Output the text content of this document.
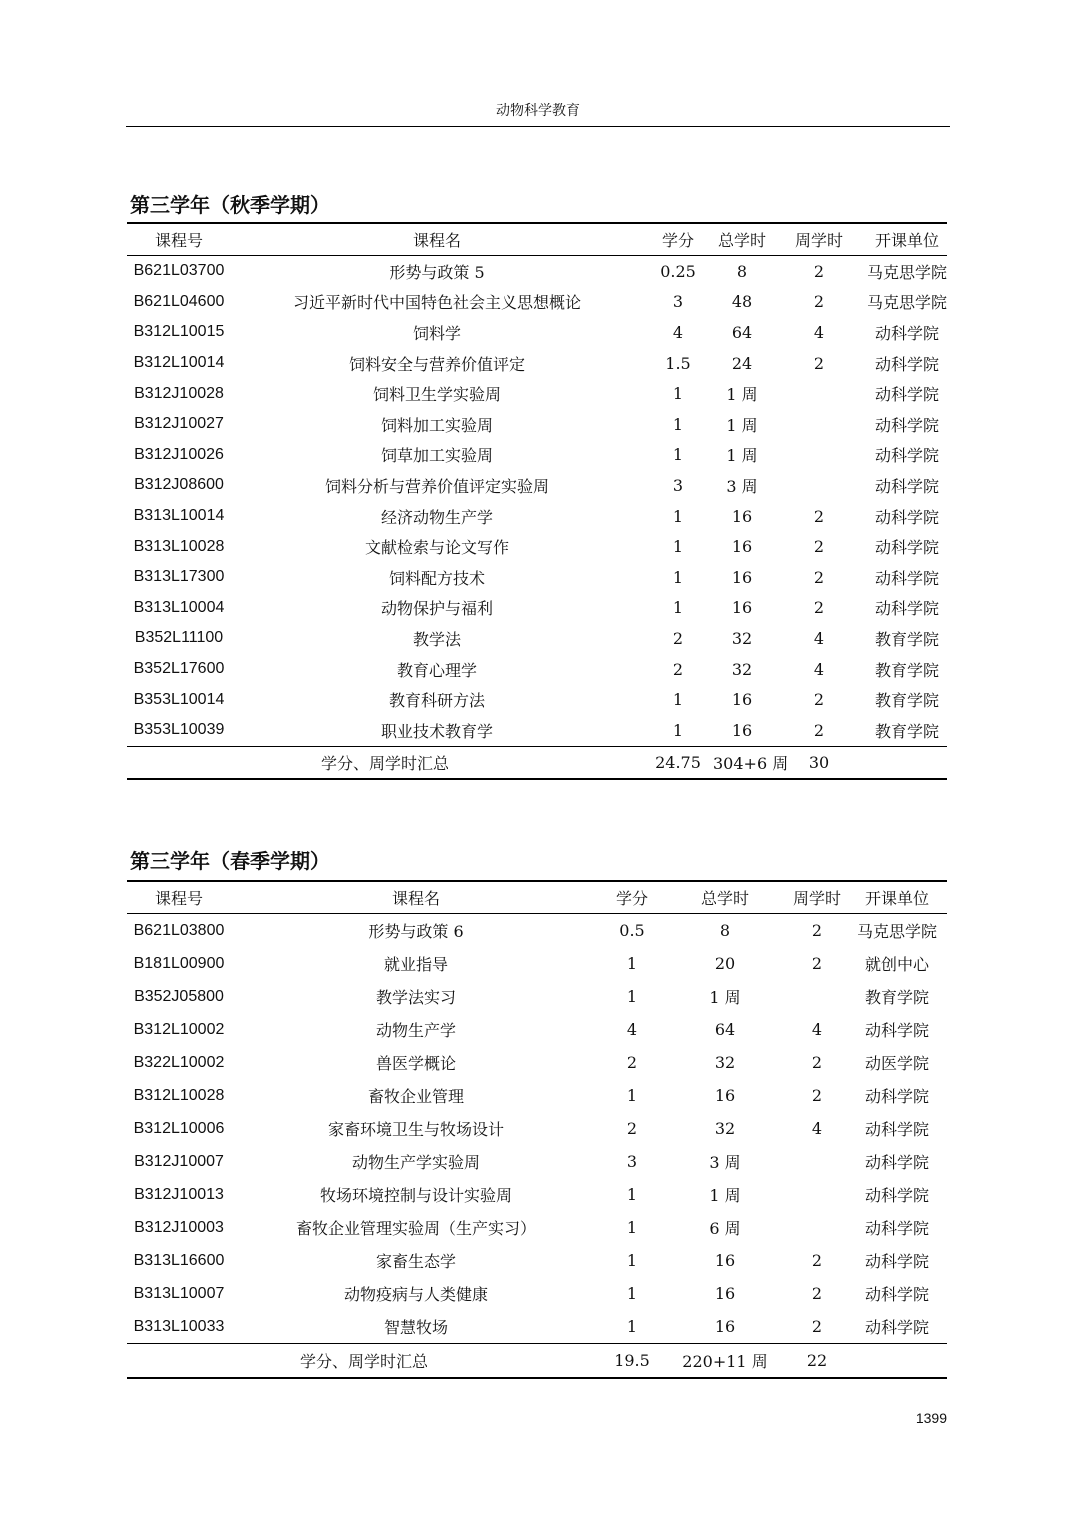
动物科学教育
第三学年（秋季学期）
课程号	课程名	学分	总学时	周学时	开课单位
B621L03700	形势与政策 5	0.25	8	2	马克思学院
B621L04600	习近平新时代中国特色社会主义思想概论	3	48	2	马克思学院
B312L10015	饲料学	4	64	4	动科学院
B312L10014	饲料安全与营养价值评定	1.5	24	2	动科学院
B312J10028	饲料卫生学实验周	1	1 周		动科学院
B312J10027	饲料加工实验周	1	1 周		动科学院
B312J10026	饲草加工实验周	1	1 周		动科学院
B312J08600	饲料分析与营养价值评定实验周	3	3 周		动科学院
B313L10014	经济动物生产学	1	16	2	动科学院
B313L10028	文献检索与论文写作	1	16	2	动科学院
B313L17300	饲料配方技术	1	16	2	动科学院
B313L10004	动物保护与福利	1	16	2	动科学院
B352L11100	教学法	2	32	4	教育学院
B352L17600	教育心理学	2	32	4	教育学院
B353L10014	教育科研方法	1	16	2	教育学院
B353L10039	职业技术教育学	1	16	2	教育学院
学分、周学时汇总		24.75	304+6 周	30	
第三学年（春季学期）
课程号	课程名	学分	总学时	周学时	开课单位
B621L03800	形势与政策 6	0.5	8	2	马克思学院
B181L00900	就业指导	1	20	2	就创中心
B352J05800	教学法实习	1	1 周		教育学院
B312L10002	动物生产学	4	64	4	动科学院
B322L10002	兽医学概论	2	32	2	动医学院
B312L10028	畜牧企业管理	1	16	2	动科学院
B312L10006	家畜环境卫生与牧场设计	2	32	4	动科学院
B312J10007	动物生产学实验周	3	3 周		动科学院
B312J10013	牧场环境控制与设计实验周	1	1 周		动科学院
B312J10003	畜牧企业管理实验周（生产实习）	1	6 周		动科学院
B313L16600	家畜生态学	1	16	2	动科学院
B313L10007	动物疫病与人类健康	1	16	2	动科学院
B313L10033	智慧牧场	1	16	2	动科学院
学分、周学时汇总		19.5	220+11 周	22	
1399
